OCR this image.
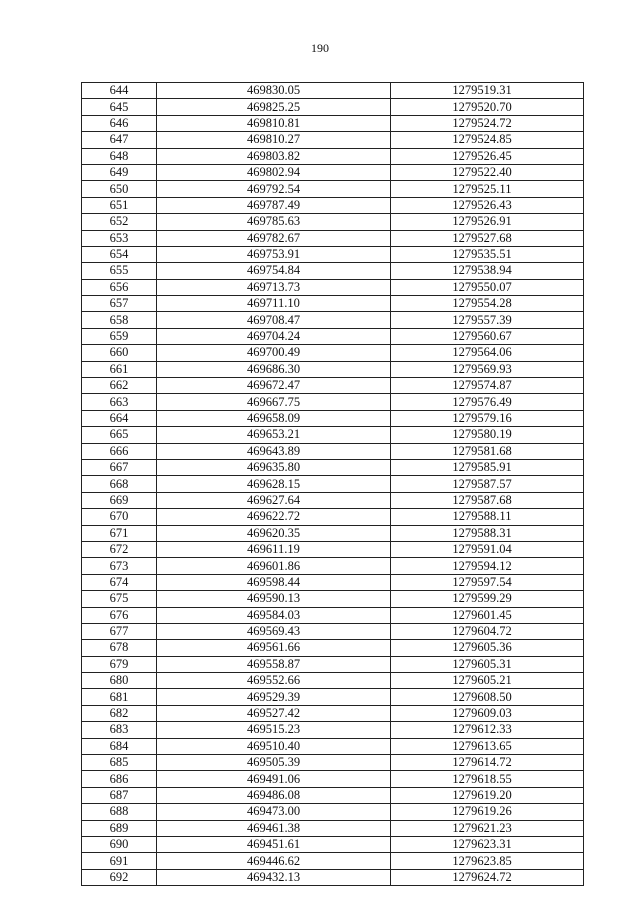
190
644	469830.05	1279519.31
645	469825.25	1279520.70
646	469810.81	1279524.72
647	469810.27	1279524.85
648	469803.82	1279526.45
649	469802.94	1279522.40
650	469792.54	1279525.11
651	469787.49	1279526.43
652	469785.63	1279526.91
653	469782.67	1279527.68
654	469753.91	1279535.51
655	469754.84	1279538.94
656	469713.73	1279550.07
657	469711.10	1279554.28
658	469708.47	1279557.39
659	469704.24	1279560.67
660	469700.49	1279564.06
661	469686.30	1279569.93
662	469672.47	1279574.87
663	469667.75	1279576.49
664	469658.09	1279579.16
665	469653.21	1279580.19
666	469643.89	1279581.68
667	469635.80	1279585.91
668	469628.15	1279587.57
669	469627.64	1279587.68
670	469622.72	1279588.11
671	469620.35	1279588.31
672	469611.19	1279591.04
673	469601.86	1279594.12
674	469598.44	1279597.54
675	469590.13	1279599.29
676	469584.03	1279601.45
677	469569.43	1279604.72
678	469561.66	1279605.36
679	469558.87	1279605.31
680	469552.66	1279605.21
681	469529.39	1279608.50
682	469527.42	1279609.03
683	469515.23	1279612.33
684	469510.40	1279613.65
685	469505.39	1279614.72
686	469491.06	1279618.55
687	469486.08	1279619.20
688	469473.00	1279619.26
689	469461.38	1279621.23
690	469451.61	1279623.31
691	469446.62	1279623.85
692	469432.13	1279624.72
